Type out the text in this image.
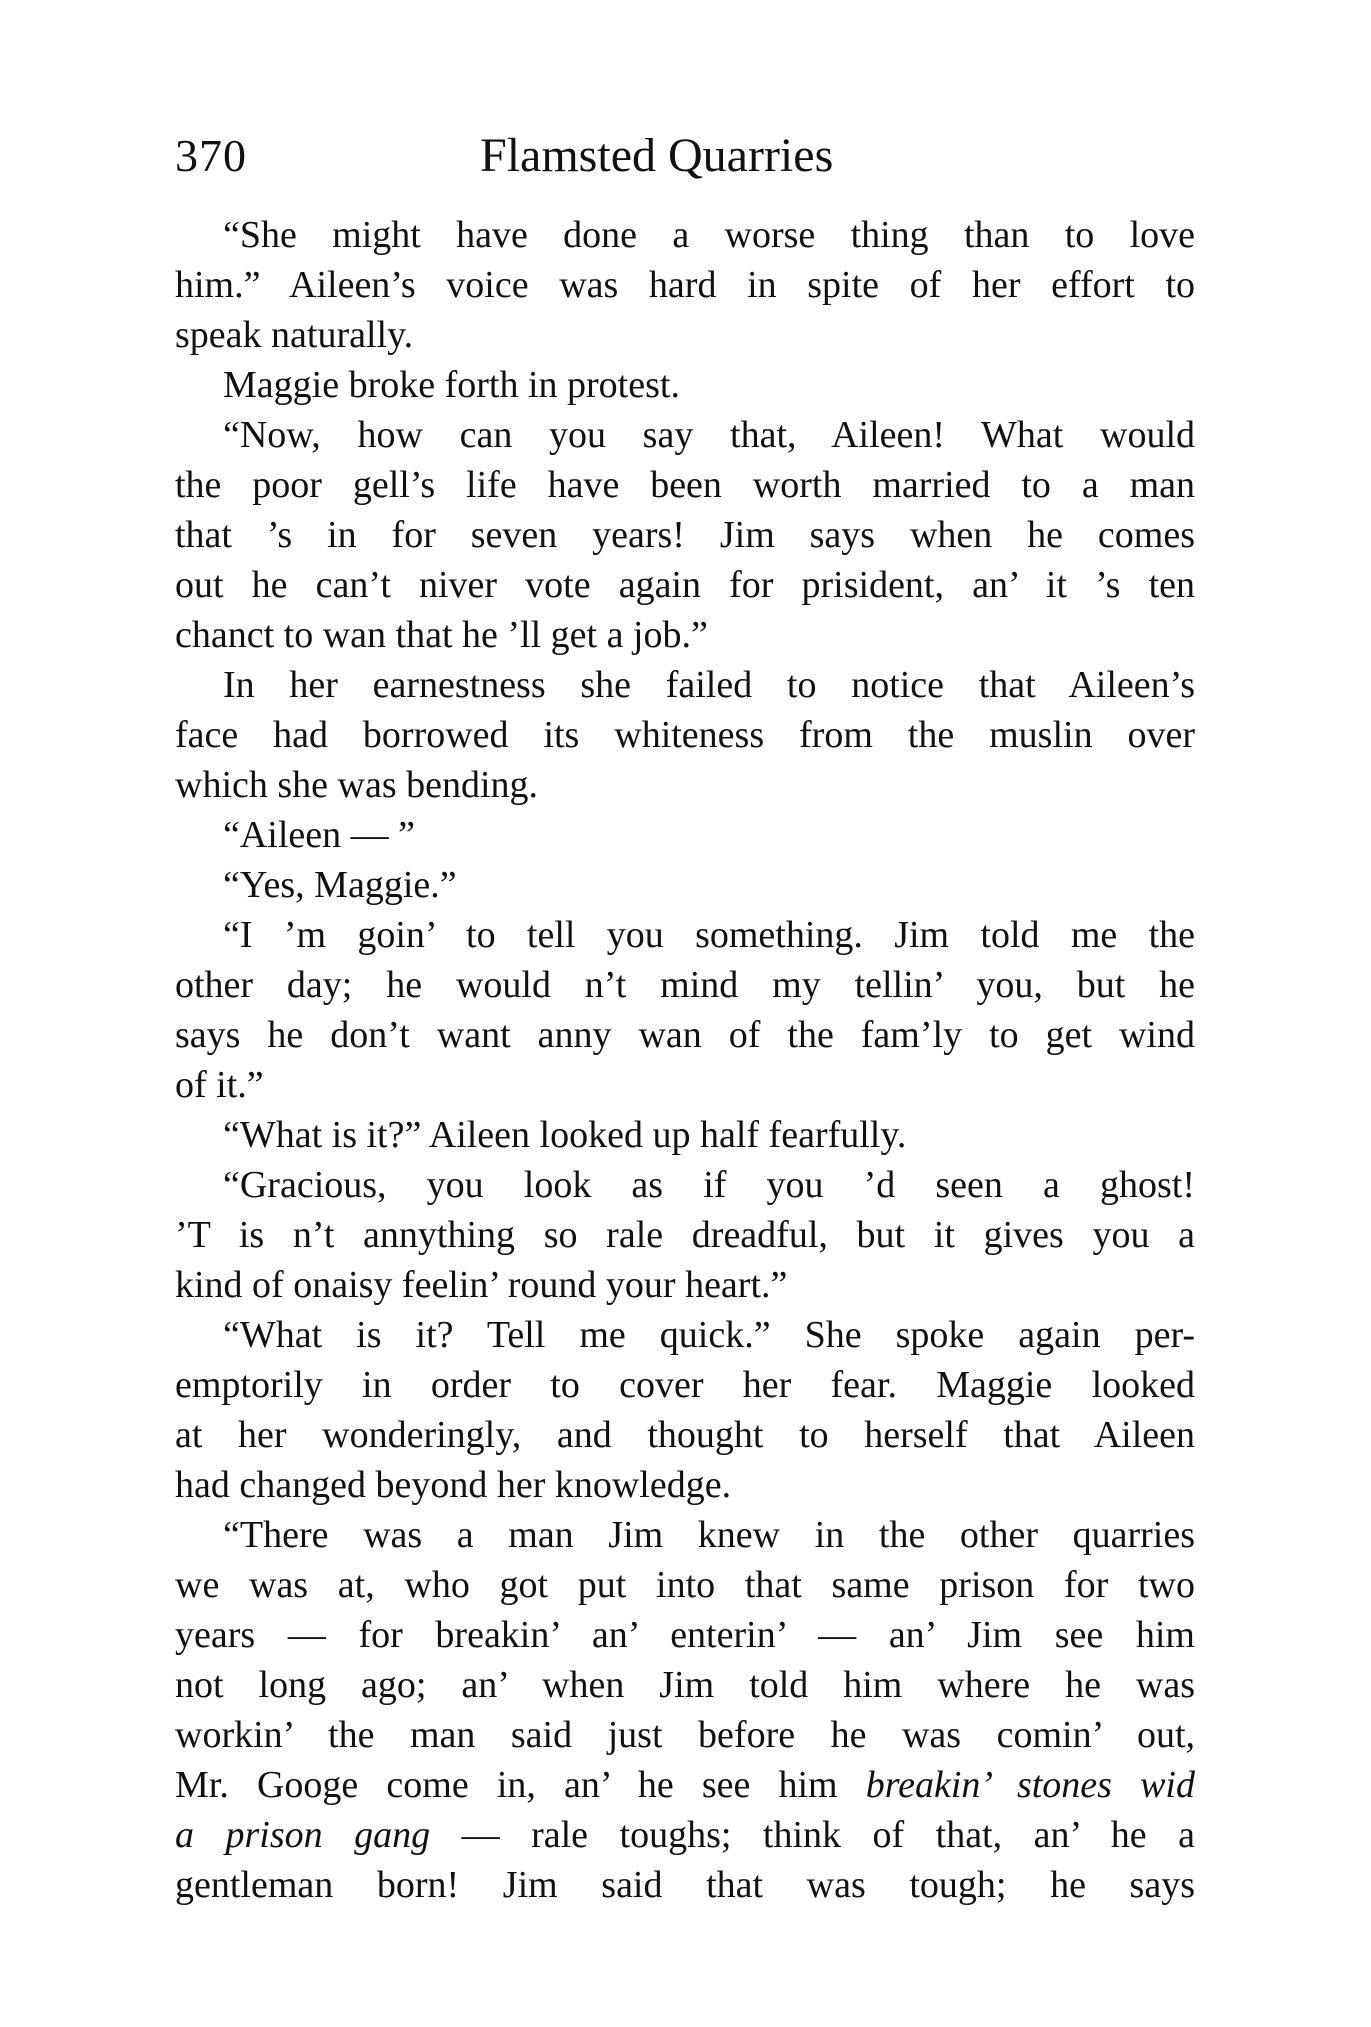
370	Flamsted Quarries
“She might have done a worse thing than to love
him.” Aileen’s voice was hard in spite of her effort to
speak naturally.
Maggie broke forth in protest.
“Now, how can you say that, Aileen! What would
the poor gell’s life have been worth married to a man
that ’s in for seven years! Jim says when he comes
out he can’t niver vote again for prisident, an’ it ’s ten
chanct to wan that he ’ll get a job.”
In her earnestness she failed to notice that Aileen’s
face had borrowed its whiteness from the muslin over
which she was bending.
“Aileen — ”
“Yes, Maggie.”
“I ’m goin’ to tell you something. Jim told me the
other day; he would n’t mind my tellin’ you, but he
says he don’t want anny wan of the fam’ly to get wind
of it.”
“What is it?” Aileen looked up half fearfully.
“Gracious, you look as if you ’d seen a ghost!
’T is n’t annything so rale dreadful, but it gives you a
kind of onaisy feelin’ round your heart.”
“What is it? Tell me quick.” She spoke again per-
emptorily in order to cover her fear. Maggie looked
at her wonderingly, and thought to herself that Aileen
had changed beyond her knowledge.
“There was a man Jim knew in the other quarries
we was at, who got put into that same prison for two
years — for breakin’ an’ enterin’ — an’ Jim see him
not long ago; an’ when Jim told him where he was
workin’ the man said just before he was comin’ out,
Mr. Googe come in, an’ he see him breakin’ stones wid
a prison gang — rale toughs; think of that, an’ he a
gentleman born! Jim said that was tough; he says
